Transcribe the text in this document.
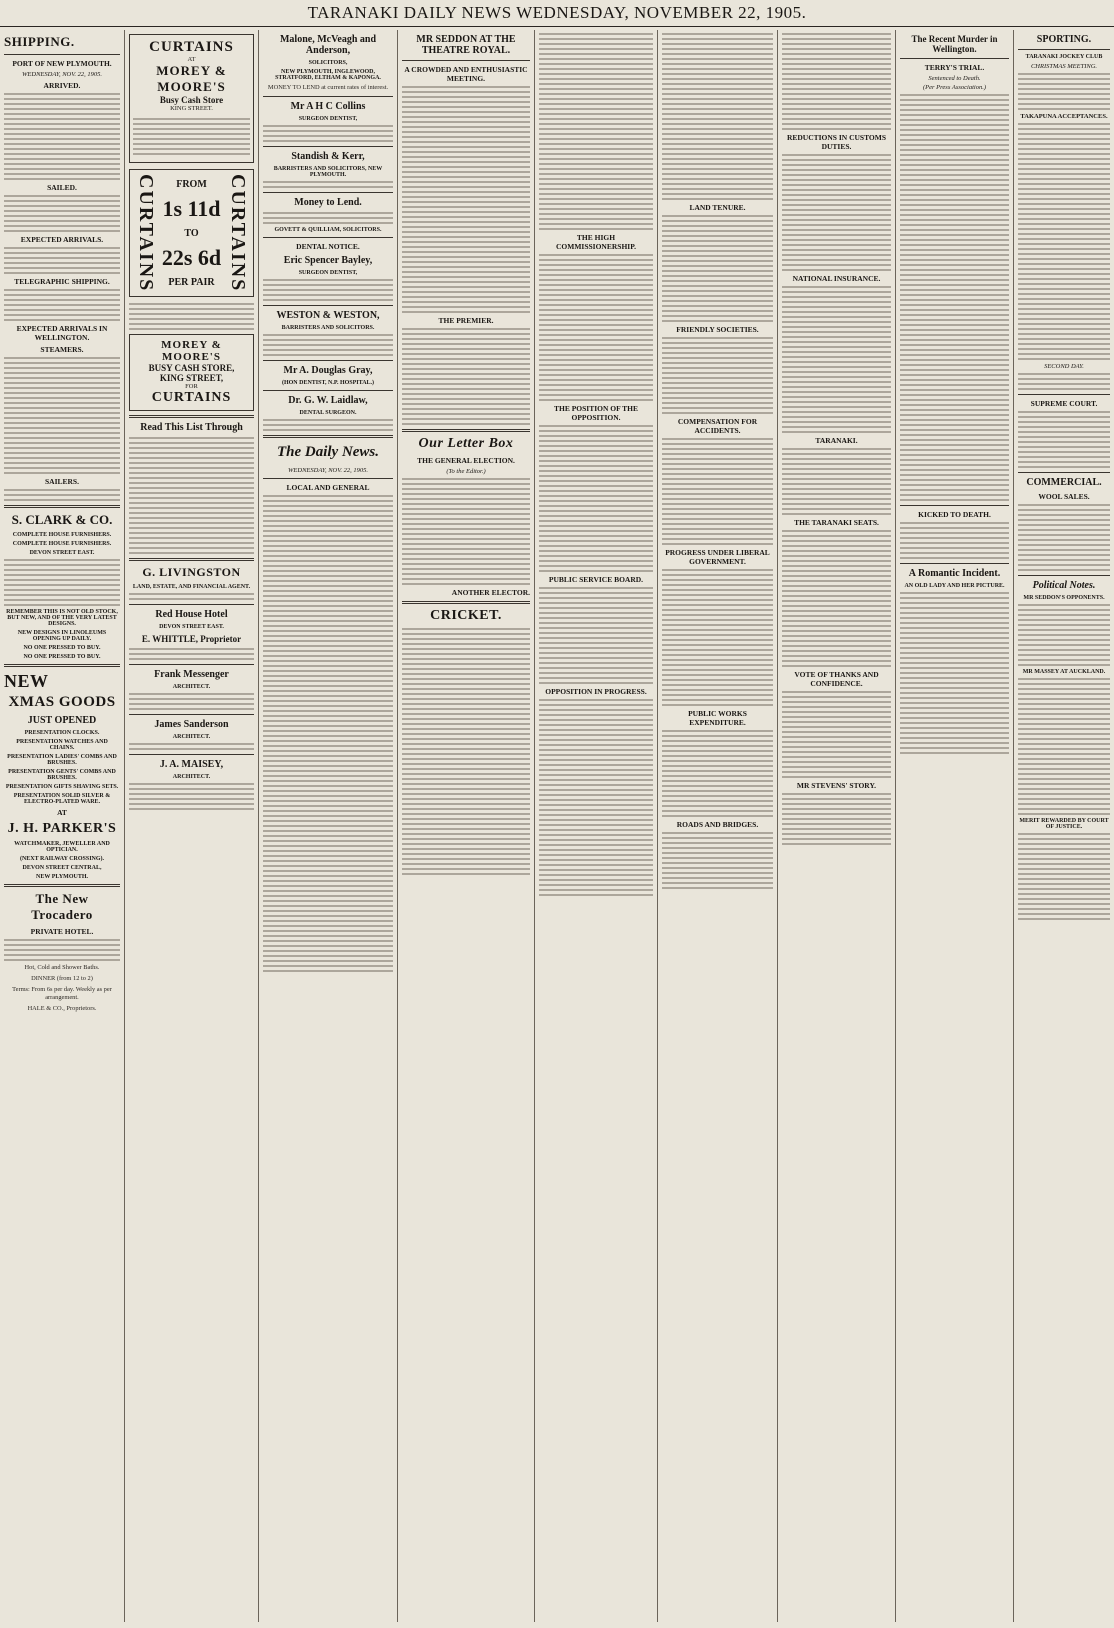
TARANAKI DAILY NEWS WEDNESDAY, NOVEMBER 22, 1905.
SHIPPING.
PORT OF NEW PLYMOUTH.
WEDNESDAY, NOV. 22, 1905.
ARRIVED.
SAILED.
EXPECTED ARRIVALS.
TELEGRAPHIC SHIPPING.
EXPECTED ARRIVALS IN WELLINGTON.
STEAMERS.
SAILERS.
S. CLARK & CO.
COMPLETE HOUSE FURNISHERS.
COMPLETE HOUSE FURNISHERS.
DEVON STREET EAST.
REMEMBER THIS IS NOT OLD STOCK, BUT NEW, AND OF THE VERY LATEST DESIGNS.
NEW DESIGNS IN LINOLEUMS OPENING UP DAILY.
NO ONE PRESSED TO BUY.
NO ONE PRESSED TO BUY.
NEW
XMAS GOODS
JUST OPENED
PRESENTATION CLOCKS.
PRESENTATION WATCHES AND CHAINS.
PRESENTATION LADIES' COMBS AND BRUSHES.
PRESENTATION GENTS' COMBS AND BRUSHES.
PRESENTATION GIFTS SHAVING SETS.
PRESENTATION SOLID SILVER & ELECTRO-PLATED WARE.
AT
J. H. PARKER'S
WATCHMAKER, JEWELLER AND OPTICIAN.
(NEXT RAILWAY CROSSING).
DEVON STREET CENTRAL,
NEW PLYMOUTH.
The New Trocadero
PRIVATE HOTEL.
Hot, Cold and Shower Baths.
DINNER (from 12 to 2)
Terms: From 6s per day. Weekly as per arrangement.
HALE & CO., Proprietors.
CURTAINS
AT
MOREY & MOORE'S
Busy Cash Store
KING STREET.
CURTAINS	FROM
1s 11d
TO
22s 6d
PER PAIR CURTAINS
MOREY & MOORE'S
BUSY CASH STORE,
KING STREET,
FOR
CURTAINS
Read This List Through
G. LIVINGSTON
LAND, ESTATE, AND FINANCIAL AGENT.
Red House Hotel
DEVON STREET EAST.
E. WHITTLE, Proprietor
Frank Messenger
ARCHITECT.
James Sanderson
ARCHITECT.
J. A. MAISEY,
ARCHITECT.
Malone, McVeagh and Anderson,
SOLICITORS,
NEW PLYMOUTH, INGLEWOOD, STRATFORD, ELTHAM & KAPONGA.
MONEY TO LEND at current rates of interest.
Mr A H C Collins
SURGEON DENTIST,
Standish & Kerr,
BARRISTERS AND SOLICITORS, NEW PLYMOUTH.
Money to Lend.
GOVETT & QUILLIAM, SOLICITORS.
DENTAL NOTICE.
Eric Spencer Bayley,
SURGEON DENTIST,
WESTON & WESTON,
BARRISTERS AND SOLICITORS.
Mr A. Douglas Gray,
(HON DENTIST, N.P. HOSPITAL.)
Dr. G. W. Laidlaw,
DENTAL SURGEON.
The Daily News.
WEDNESDAY, NOV. 22, 1905.
LOCAL AND GENERAL
MR SEDDON AT THE THEATRE ROYAL.
A CROWDED AND ENTHUSIASTIC MEETING.
THE PREMIER.
Our Letter Box
THE GENERAL ELECTION.
(To the Editor.)
ANOTHER ELECTOR.
CRICKET.
THE HIGH COMMISSIONERSHIP.
THE POSITION OF THE OPPOSITION.
PUBLIC SERVICE BOARD.
OPPOSITION IN PROGRESS.
LAND TENURE.
FRIENDLY SOCIETIES.
COMPENSATION FOR ACCIDENTS.
PROGRESS UNDER LIBERAL GOVERNMENT.
PUBLIC WORKS EXPENDITURE.
ROADS AND BRIDGES.
REDUCTIONS IN CUSTOMS DUTIES.
NATIONAL INSURANCE.
TARANAKI.
THE TARANAKI SEATS.
VOTE OF THANKS AND CONFIDENCE.
MR STEVENS' STORY.
The Recent Murder in Wellington.
TERRY'S TRIAL.
Sentenced to Death.
(Per Press Association.)
KICKED TO DEATH.
A Romantic Incident.
AN OLD LADY AND HER PICTURE.
SPORTING.
TARANAKI JOCKEY CLUB
CHRISTMAS MEETING.
TAKAPUNA ACCEPTANCES.
SECOND DAY.
SUPREME COURT.
COMMERCIAL.
WOOL SALES.
Political Notes.
MR SEDDON'S OPPONENTS.
MR MASSEY AT AUCKLAND.
MERIT REWARDED BY COURT OF JUSTICE.
